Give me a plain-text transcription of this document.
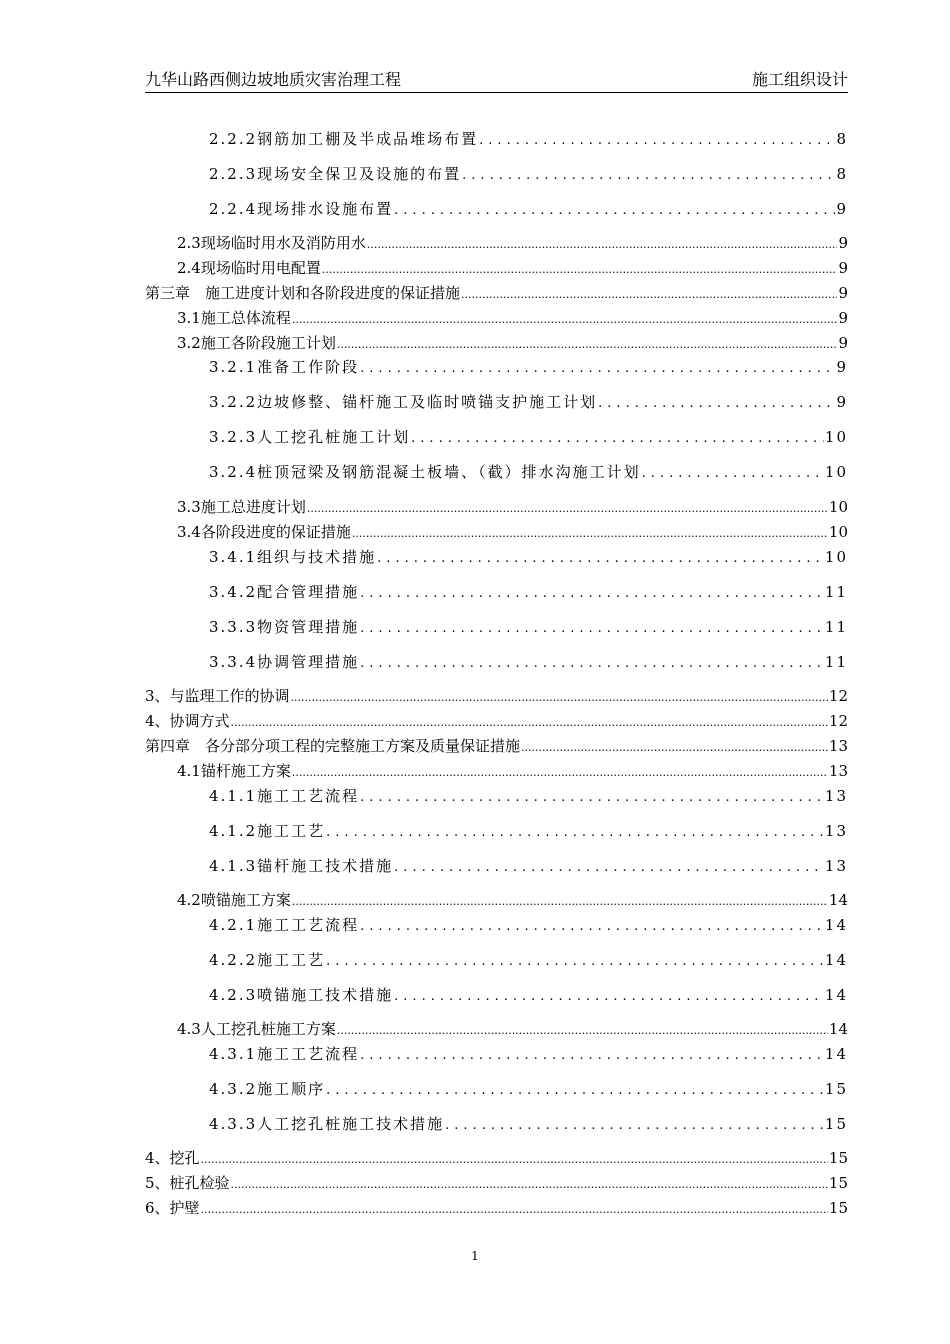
九华山路西侧边坡地质灾害治理工程	施工组织设计
2.2.2钢筋加工棚及半成品堆场布置 .....	8
2.2.3现场安全保卫及设施的布置 .....	8
2.2.4现场排水设施布置 .....	9
2.3现场临时用水及消防用水 .....	9
2.4现场临时用电配置 .....	9
第三章　施工进度计划和各阶段进度的保证措施 .....	9
3.1施工总体流程 .....	9
3.2施工各阶段施工计划 .....	9
3.2.1准备工作阶段 .....	9
3.2.2边坡修整、锚杆施工及临时喷锚支护施工计划 .....	9
3.2.3人工挖孔桩施工计划 .....	10
3.2.4桩顶冠梁及钢筋混凝土板墙、（截）排水沟施工计划 .....	10
3.3施工总进度计划 .....	10
3.4各阶段进度的保证措施 .....	10
3.4.1组织与技术措施 .....	10
3.4.2配合管理措施 .....	11
3.3.3物资管理措施 .....	11
3.3.4协调管理措施 .....	11
3、与监理工作的协调 .....	12
4、协调方式 .....	12
第四章　各分部分项工程的完整施工方案及质量保证措施 .....	13
4.1锚杆施工方案 .....	13
4.1.1施工工艺流程 .....	13
4.1.2施工工艺 .....	13
4.1.3锚杆施工技术措施 .....	13
4.2喷锚施工方案 .....	14
4.2.1施工工艺流程 .....	14
4.2.2施工工艺 .....	14
4.2.3喷锚施工技术措施 .....	14
4.3人工挖孔桩施工方案 .....	14
4.3.1施工工艺流程 .....	14
4.3.2施工顺序 .....	15
4.3.3人工挖孔桩施工技术措施 .....	15
4、挖孔 .....	15
5、桩孔检验 .....	15
6、护壁 .....	15
1
